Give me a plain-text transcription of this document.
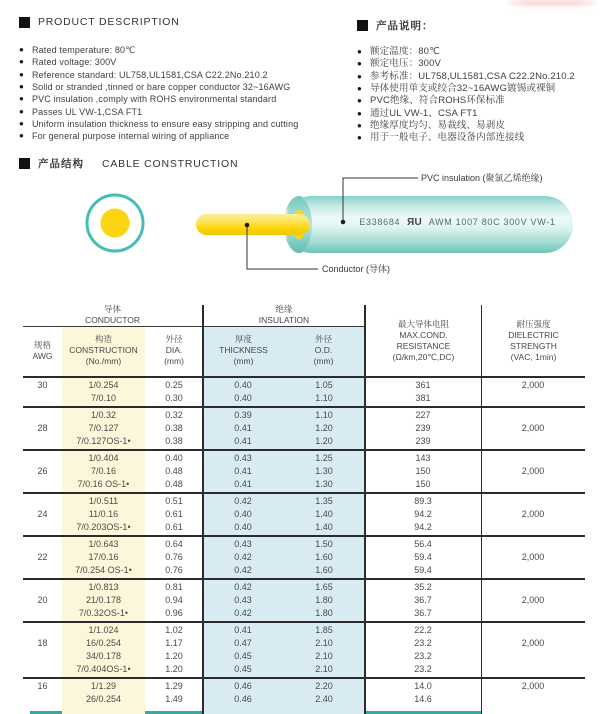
PRODUCT DESCRIPTION
● Rated temperature: 80℃
● Rated voltage: 300V
● Reference standard: UL758,UL1581,CSA C22.2No.210.2
● Solid or stranded ,tinned or bare copper conductor 32~16AWG
● PVC insulation ,comply with ROHS environmental standard
● Passes UL VW-1,CSA FT1
● Uniform insulation thickness to ensure easy stripping and cutting
● For general purpose internal wiring of appliance
产品说明：
● 额定温度：80℃
● 额定电压：300V
● 参考标准：UL758,UL1581,CSA C22.2No.210.2
● 导体使用单支或绞合32~16AWG镀锡或裸铜
● PVC绝缘、符合ROHS环保标准
● 通过UL VW-1、CSA FT1
● 绝缘厚度均匀、易裁线、易剥皮
● 用于一般电子、电器设备内部连接线
产品结构 CABLE CONSTRUCTION
PVC insulation (聚氯乙烯绝缘)
Conductor (导体)
E338684 RU AWM 1007 80C 300V VW-1
导体
CONDUCTOR
绝缘
INSULATION
规格
AWG
构造
CONSTRUCTION
(No./mm)
外径
DIA.
(mm)
厚度
THICKNESS
(mm)
外径
O.D.
(mm)
最大导体电阻
MAX.COND.
RESISTANCE
(Ω/km,20℃,DC)
耐压强度
DIELECTRIC
STRENGTH
(VAC, 1min)
30
	1/0.254
7/0.10
0.25
0.30
0.40
0.40
1.05
1.10
361
381
2,000

28

1/0.32
7/0.127
7/0.127OS-1•
0.32
0.38
0.38
0.39
0.41
0.41
1.10
1.20
1.20
227
239
239

2,000

26

1/0.404
7/0.16
7/0.16 OS-1•
0.40
0.48
0.48
0.43
0.41
0.41
1.25
1.30
1.30
143
150
150

2,000

24

1/0.511
11/0.16
7/0.203OS-1•
0.51
0.61
0.61
0.42
0.40
0.40
1.35
1.40
1.40
89.3
94.2
94.2

2,000

22

1/0.643
17/0.16
7/0.254 OS-1•
0.64
0.76
0.76
0.43
0.42
0.42
1.50
1.60
1.60
56.4
59.4
59.4

2,000

20

1/0.813
21/0.178
7/0.32OS-1•
0.81
0.94
0.96
0.42
0.43
0.42
1.65
1.80
1.80
35.2
36.7
36.7

2,000

18

1/1.024
16/0.254
34/0.178
7/0.404OS-1•
1.02
1.17
1.20
1.20
0.41
0.47
0.45
0.45
1.85
2.10
2.10
2.10
22.2
23.2
23.2
23.2

2,000

16
	1/1.29
26/0.254
1.29
1.49
0.46
0.46
2.20
2.40
14.0
14.6
2,000
